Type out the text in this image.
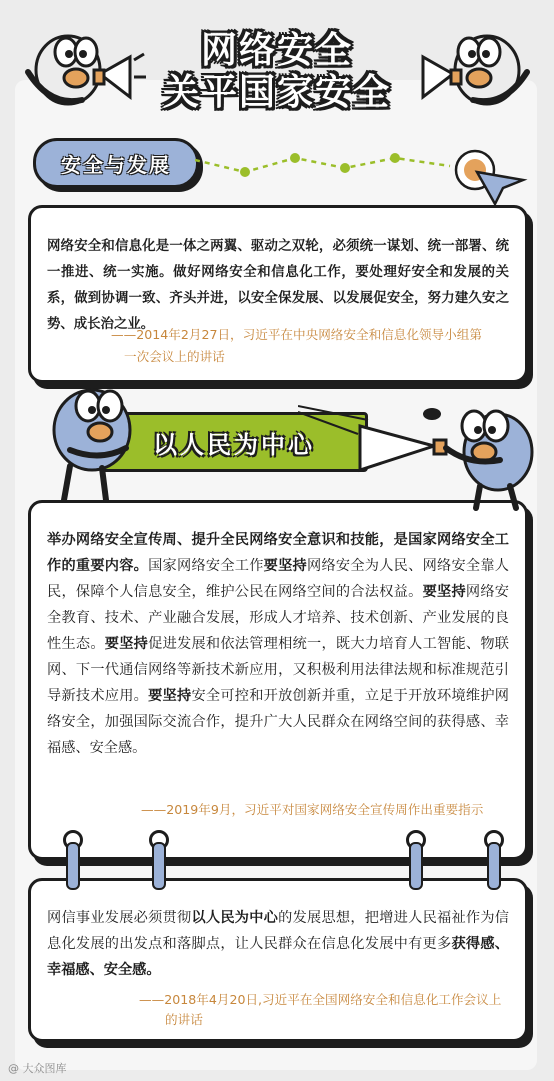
网络安全
关平国家安全
安全与发展
网络安全和信息化是一体之两翼、驱动之双轮，必须统一谋划、统一部署、统一推进、统一实施。做好网络安全和信息化工作，要处理好安全和发展的关系，做到协调一致、齐头并进，以安全保发展、以发展促安全，努力建久安之势、成长治之业。
——2014年2月27日，习近平在中央网络安全和信息化领导小组第
一次会议上的讲话
举办网络安全宣传周、提升全民网络安全意识和技能，是国家网络安全工作的重要内容。国家网络安全工作要坚持网络安全为人民、网络安全靠人民，保障个人信息安全，维护公民在网络空间的合法权益。要坚持网络安全教育、技术、产业融合发展，形成人才培养、技术创新、产业发展的良性生态。要坚持促进发展和依法管理相统一，既大力培育人工智能、物联网、下一代通信网络等新技术新应用，又积极利用法律法规和标准规范引导新技术应用。要坚持安全可控和开放创新并重，立足于开放环境维护网络安全，加强国际交流合作，提升广大人民群众在网络空间的获得感、幸福感、安全感。
——2019年9月，习近平对国家网络安全宣传周作出重要指示
以人民为中心
网信事业发展必须贯彻以人民为中心的发展思想，把增进人民福祉作为信息化发展的出发点和落脚点，让人民群众在信息化发展中有更多获得感、幸福感、安全感。
——2018年4月20日,习近平在全国网络安全和信息化工作会议上
的讲话
@ 大众图库
